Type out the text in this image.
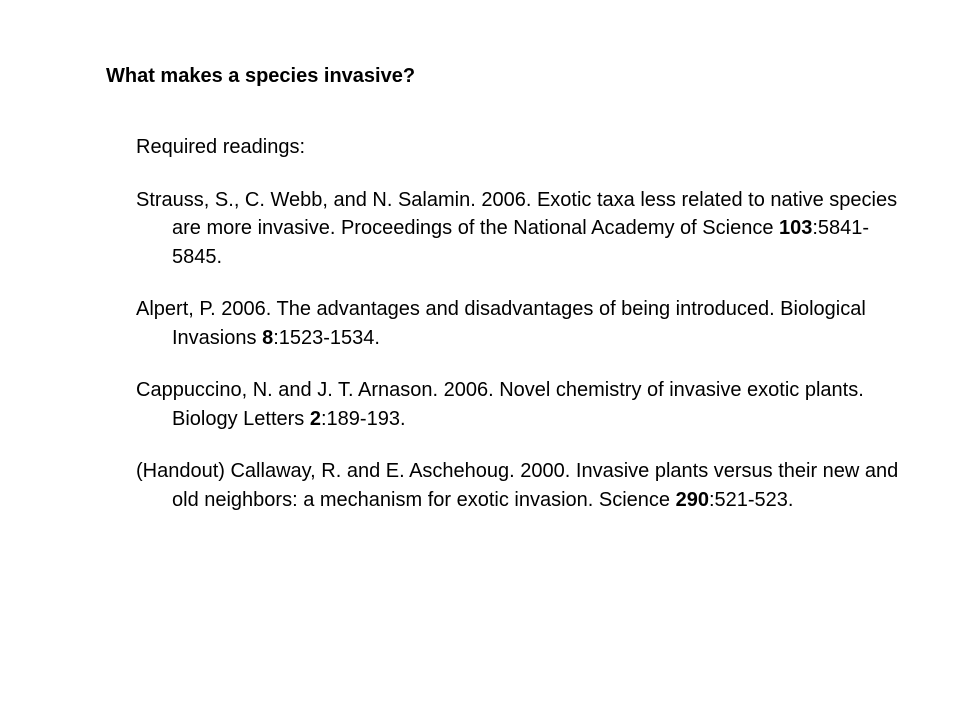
What makes a species invasive?

Required readings:

Strauss, S., C. Webb, and N. Salamin. 2006. Exotic taxa less related to native species are more invasive. Proceedings of the National Academy of Science 103:5841-5845.

Alpert, P. 2006. The advantages and disadvantages of being introduced. Biological Invasions 8:1523-1534.

Cappuccino, N. and J. T. Arnason. 2006. Novel chemistry of invasive exotic plants. Biology Letters 2:189-193.

(Handout) Callaway, R. and E. Aschehoug. 2000. Invasive plants versus their new and old neighbors: a mechanism for exotic invasion. Science 290:521-523.
